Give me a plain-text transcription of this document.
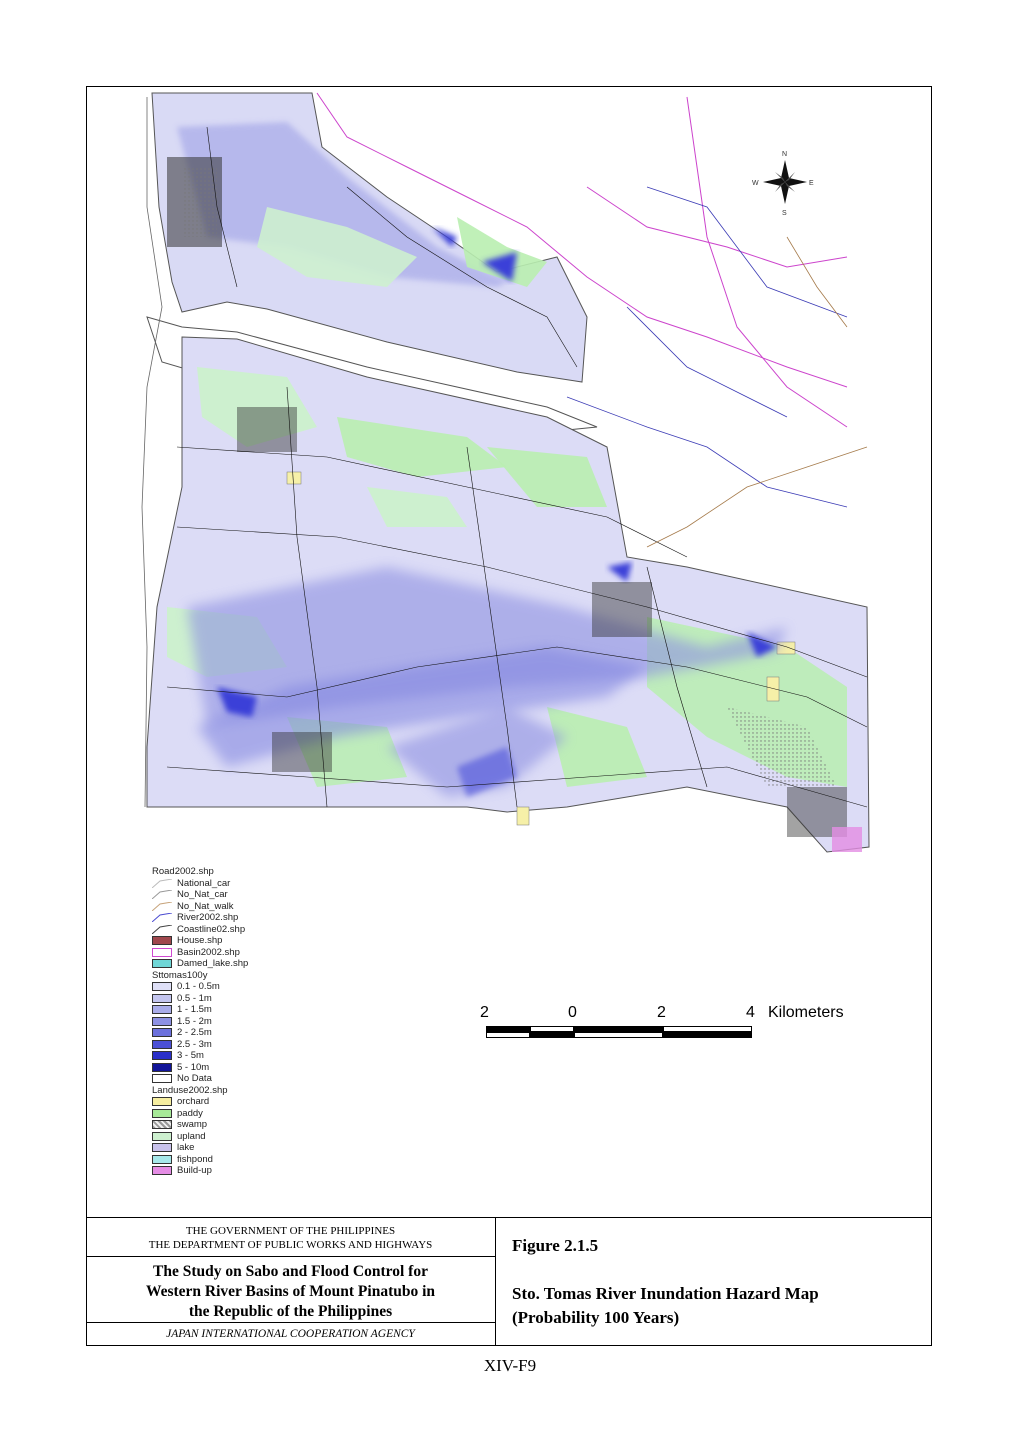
N
S
E
W
Road2002.shp
National_car
No_Nat_car
No_Nat_walk
River2002.shp
Coastline02.shp
House.shp
Basin2002.shp
Damed_lake.shp
Sttomas100y
0.1 - 0.5m
0.5 - 1m
1 - 1.5m
1.5 - 2m
2 - 2.5m
2.5 - 3m
3 - 5m
5 - 10m
No Data
Landuse2002.shp
orchard
paddy
swamp
upland
lake
fishpond
Build-up
2	0	2	4 Kilometers
THE GOVERNMENT OF THE PHILIPPINES
THE DEPARTMENT OF PUBLIC WORKS AND HIGHWAYS
The Study on Sabo and Flood Control for
Western River Basins of Mount Pinatubo in
the Republic of the Philippines
JAPAN INTERNATIONAL COOPERATION AGENCY
Figure 2.1.5
Sto. Tomas River Inundation Hazard Map
(Probability 100 Years)
XIV-F9
